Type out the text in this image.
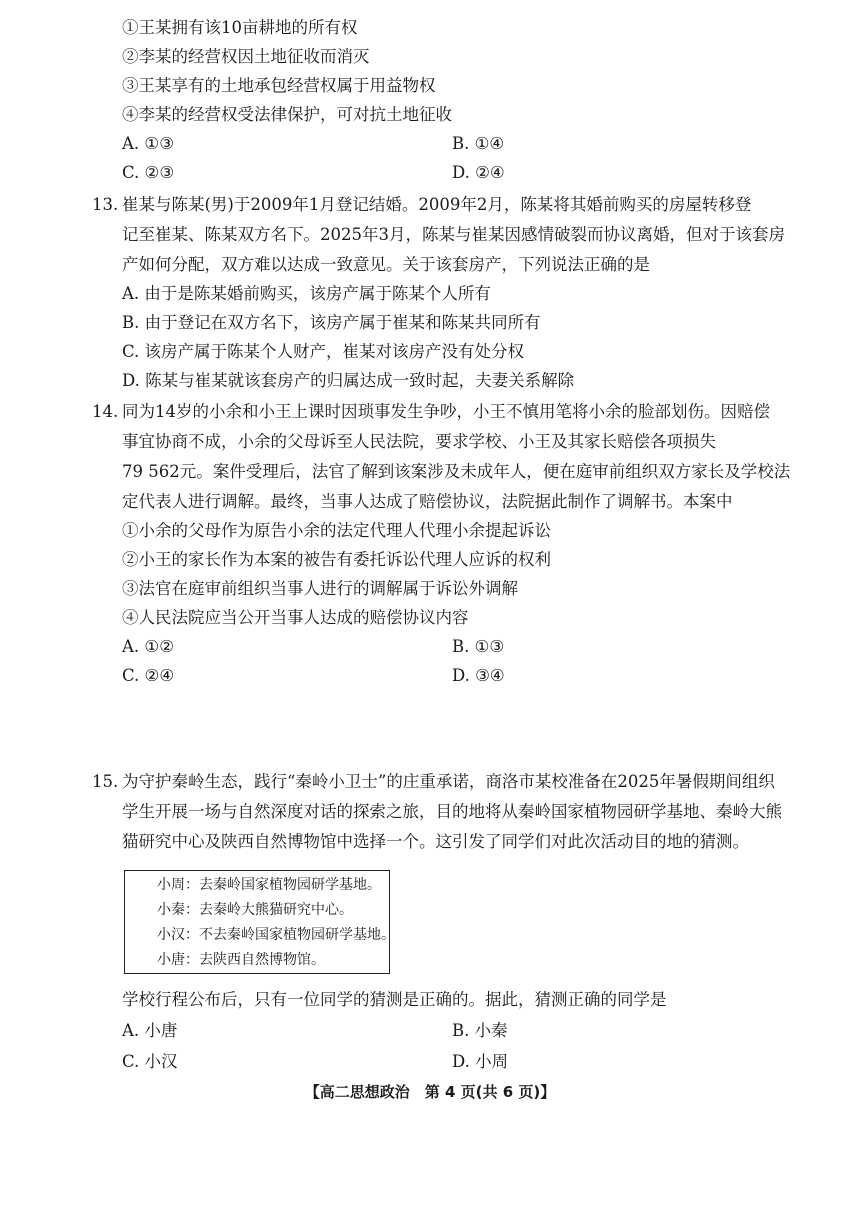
①王某拥有该10亩耕地的所有权
②李某的经营权因土地征收而消灭
③王某享有的土地承包经营权属于用益物权
④李某的经营权受法律保护，可对抗土地征收
A. ①③	B. ①④
C. ②③	D. ②④
13. 崔某与陈某(男)于2009年1月登记结婚。2009年2月，陈某将其婚前购买的房屋转移登
记至崔某、陈某双方名下。2025年3月，陈某与崔某因感情破裂而协议离婚，但对于该套房
产如何分配，双方难以达成一致意见。关于该套房产，下列说法正确的是
A. 由于是陈某婚前购买，该房产属于陈某个人所有
B. 由于登记在双方名下，该房产属于崔某和陈某共同所有
C. 该房产属于陈某个人财产，崔某对该房产没有处分权
D. 陈某与崔某就该套房产的归属达成一致时起，夫妻关系解除
14. 同为14岁的小余和小王上课时因琐事发生争吵，小王不慎用笔将小余的脸部划伤。因赔偿
事宜协商不成，小余的父母诉至人民法院，要求学校、小王及其家长赔偿各项损失
79 562元。案件受理后，法官了解到该案涉及未成年人，便在庭审前组织双方家长及学校法
定代表人进行调解。最终，当事人达成了赔偿协议，法院据此制作了调解书。本案中
①小余的父母作为原告小余的法定代理人代理小余提起诉讼
②小王的家长作为本案的被告有委托诉讼代理人应诉的权利
③法官在庭审前组织当事人进行的调解属于诉讼外调解
④人民法院应当公开当事人达成的赔偿协议内容
A. ①②	B. ①③
C. ②④	D. ③④
15. 为守护秦岭生态，践行“秦岭小卫士”的庄重承诺，商洛市某校准备在2025年暑假期间组织
学生开展一场与自然深度对话的探索之旅，目的地将从秦岭国家植物园研学基地、秦岭大熊
猫研究中心及陕西自然博物馆中选择一个。这引发了同学们对此次活动目的地的猜测。
小周：去秦岭国家植物园研学基地。
小秦：去秦岭大熊猫研究中心。
小汉：不去秦岭国家植物园研学基地。
小唐：去陕西自然博物馆。
学校行程公布后，只有一位同学的猜测是正确的。据此，猜测正确的同学是
A. 小唐	B. 小秦
C. 小汉	D. 小周
【高二思想政治　第 4 页(共 6 页)】
